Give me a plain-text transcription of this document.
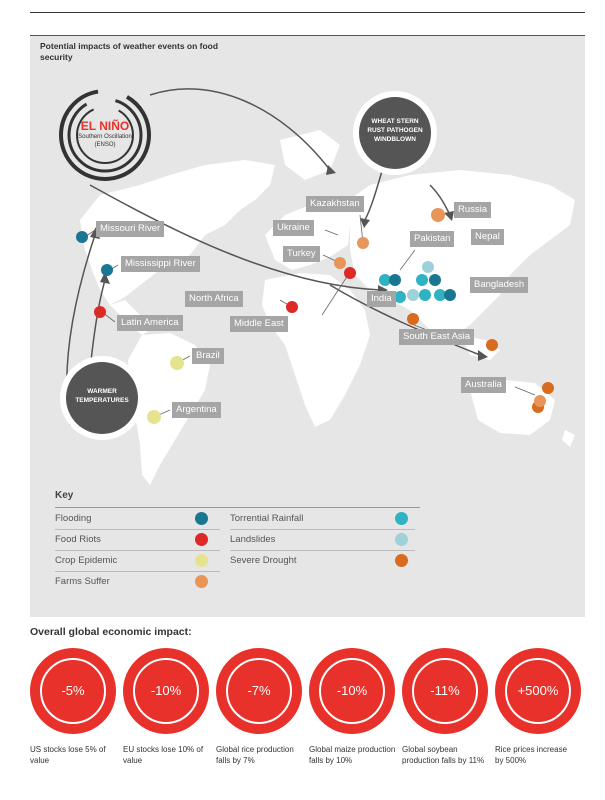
Potential impacts of weather events on food security
EL NIÑO
Southern Oscillation
(ENSO)
WHEAT STERN RUST PATHOGEN WINDBLOWN
WARMER TEMPERATURES
Missouri River
Mississippi River
Latin America
Brazil
Argentina
North Africa
Middle East
Kazakhstan
Ukraine
Turkey
Russia
Pakistan	Nepal
India
Bangladesh
South East Asia
Australia
Key
Flooding
Food Riots
Crop Epidemic
Farms Suffer
Torrential Rainfall
Landslides
Severe Drought
Overall global economic impact:
-5%	-10%	-7%	-10%	-11%	+500%
US stocks lose 5% of value
EU stocks lose 10% of value
Global rice production falls by 7%
Global maize production falls by 10%
Global soybean production falls by 11%
Rice prices increase by 500%
